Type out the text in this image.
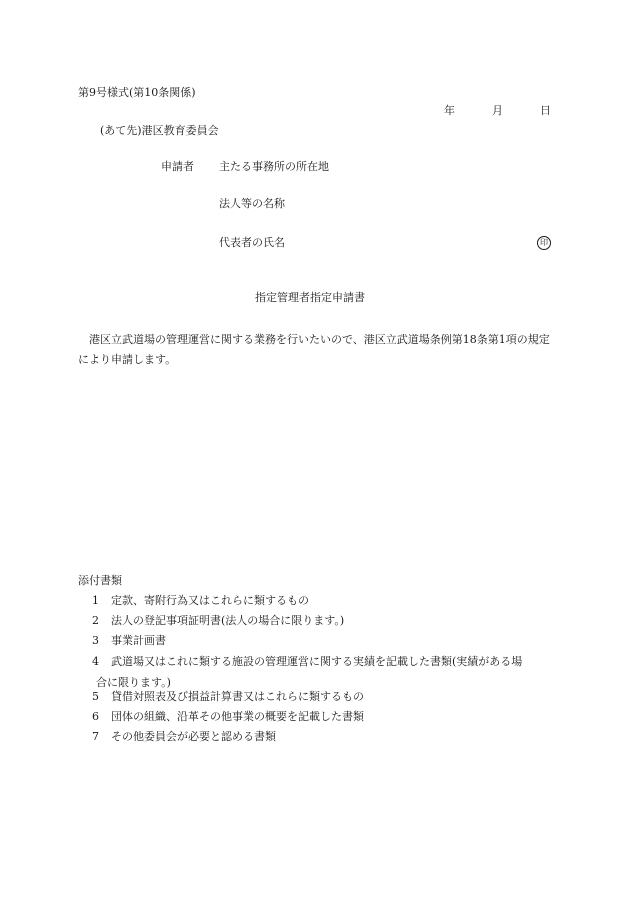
第9号様式(第10条関係)
年	月	日
(あて先)港区教育委員会
申請者 主たる事務所の所在地
法人等の名称
代表者の氏名	印
指定管理者指定申請書
港区立武道場の管理運営に関する業務を行いたいので、港区立武道場条例第18条第1項の規定により申請します。
添付書類
1 定款、寄附行為又はこれらに類するもの
2 法人の登記事項証明書(法人の場合に限ります。)
3 事業計画書
4 武道場又はこれに類する施設の管理運営に関する実績を記載した書類(実績がある場
合に限ります。)
5 貸借対照表及び損益計算書又はこれらに類するもの
6 団体の組織、沿革その他事業の概要を記載した書類
7 その他委員会が必要と認める書類
